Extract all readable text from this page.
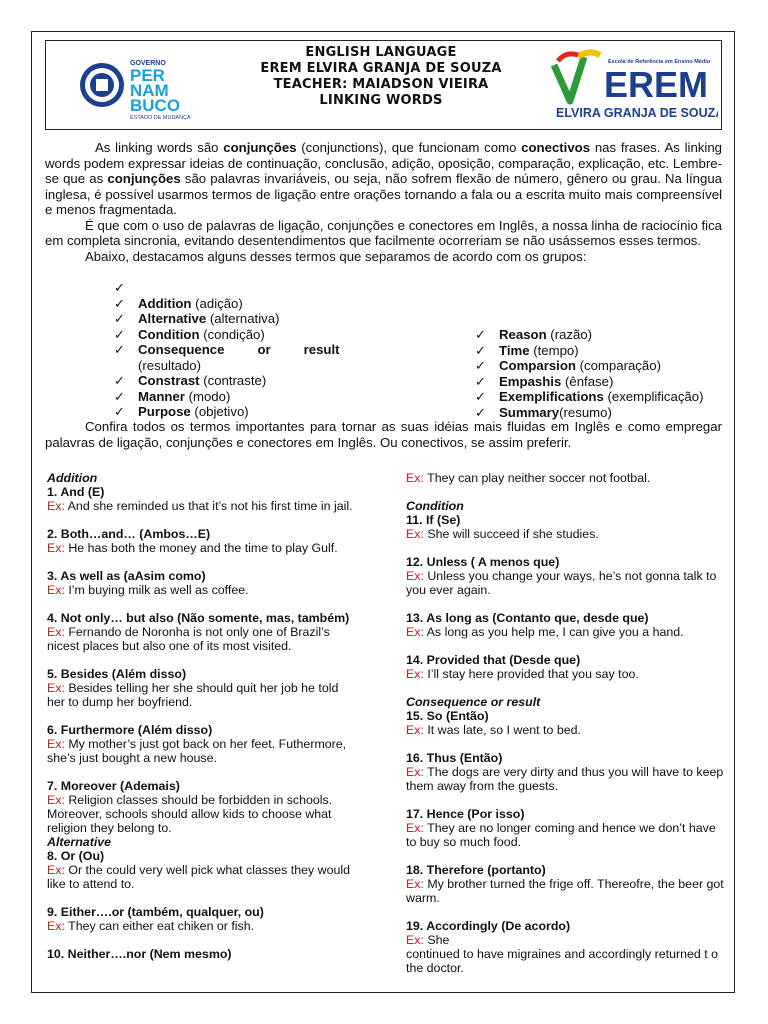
GOVERNO
PER
NAM
BUCO
ESTADO DE MUDANÇA
ENGLISH LANGUAGE
EREM ELVIRA GRANJA DE SOUZA
TEACHER: MAIADSON VIEIRA
LINKING WORDS
Escola de Referência em Ensino Médio
EREM
ELVIRA GRANJA DE SOUZA

As linking words são conjunções (conjunctions), que funcionam como conectivos nas frases. As linking words podem expressar ideias de continuação, conclusão, adição, oposição, comparação, explicação, etc. Lembre-se que as conjunções são palavras invariáveis, ou seja, não sofrem flexão de número, gênero ou grau. Na língua inglesa, é possível usarmos termos de ligação entre orações tornando a fala ou a escrita muito mais compreensível e menos fragmentada.

É que com o uso de palavras de ligação, conjunções e conectores em Inglês, a nossa linha de raciocínio fica em completa sincronia, evitando desentendimentos que facilmente ocorreriam se não usássemos esses termos.

Abaixo, destacamos alguns desses termos que separamos de acordo com os grupos:

✓
✓ Addition (adição)
✓ Alternative (alternativa)
✓ Condition (condição)
✓ Consequence         or         result
(resultado)
✓ Constrast (contraste)
✓ Manner (modo)
✓ Purpose (objetivo)
✓ Reason (razão)
✓ Time (tempo)
✓ Comparsion (comparação)
✓ Empashis (ênfase)
✓ Exemplifications (exemplificação)
✓ Summary(resumo)

Confira todos os termos importantes para tornar as suas idéias mais fluidas em Inglês e como empregar palavras de ligação, conjunções e conectores em Inglês. Ou conectivos, se assim preferir.

Addition
1. And (E)
Ex: And she reminded us that it’s not his first time in jail.
2. Both…and… (Ambos…E)
Ex: He has both the money and the time to play Gulf.
3. As well as (aAsim como)
Ex: I’m buying milk as well as coffee.
4. Not only… but also (Não somente, mas, também)
Ex: Fernando de Noronha is not only one of Brazil’s nicest places but also one of its most visited.
5. Besides (Além disso)
Ex: Besides telling her she should quit her job he told her to dump her boyfriend.
6. Furthermore (Além disso)
Ex: My mother’s just got back on her feet. Futhermore, she’s just bought a new house.
7. Moreover (Ademais)
Ex: Religion classes should be forbidden in schools. Moreover, schools should allow kids to choose what religion they belong to.
Alternative
8. Or (Ou)
Ex: Or the could very well pick what classes they would like to attend to.
9. Either….or (também, qualquer, ou)
Ex: They can either eat chiken or fish.
10. Neither….nor (Nem mesmo)
Ex: They can play neither soccer not footbal.
Condition
11. If (Se)
Ex: She will succeed if she studies.
12. Unless ( A menos que)
Ex: Unless you change your ways, he’s not gonna talk to you ever again.
13. As long as (Contanto que, desde que)
Ex: As long as you help me, I can give you a hand.
14. Provided that (Desde que)
Ex: I’ll stay here provided that you say too.
Consequence or result
15. So (Então)
Ex: It was late, so I went to bed.
16. Thus (Então)
Ex: The dogs are very dirty and thus you will have to keep them away from the guests.
17. Hence (Por isso)
Ex: They are no longer coming and hence we don’t have to buy so much food.
18. Therefore (portanto)
Ex: My brother turned the frige off. Thereofre, the beer got warm.
19. Accordingly (De acordo)
Ex: She
continued to have migraines and accordingly returned t o the doctor.
